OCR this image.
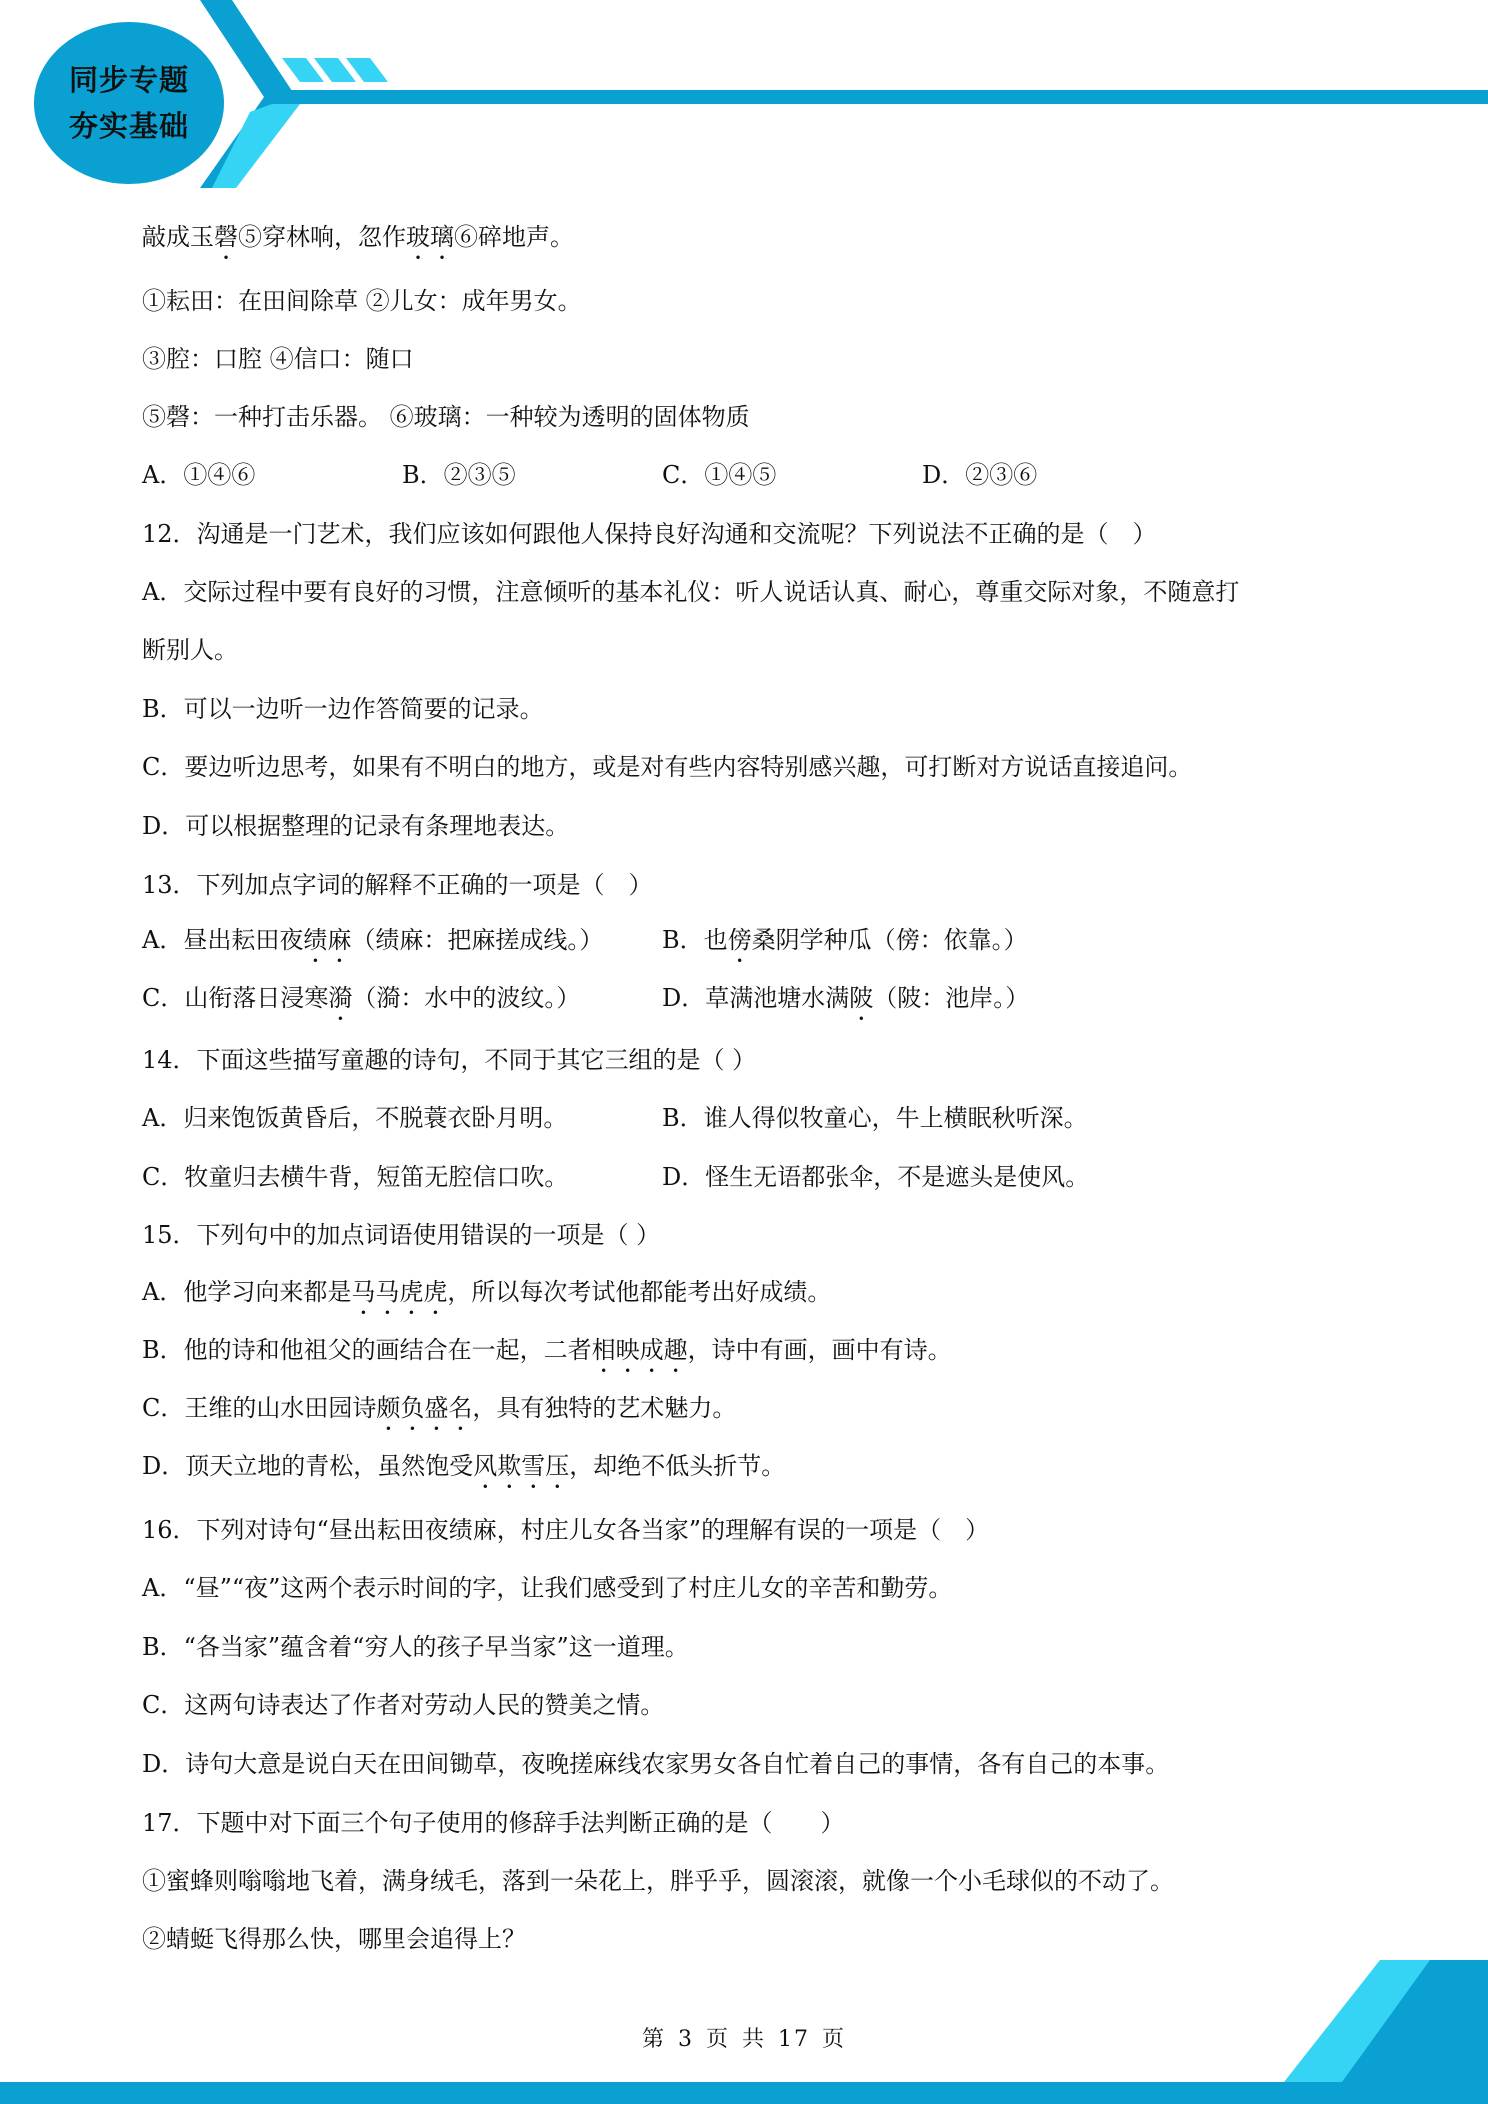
同步专题
夯实基础
敲成玉磬⑤穿林响，忽作玻璃⑥碎地声。
①耘田：在田间除草 ②儿女：成年男女。
③腔：口腔 ④信口：随口
⑤磬：一种打击乐器。 ⑥玻璃：一种较为透明的固体物质
A．①④⑥	B．②③⑤	C．①④⑤	D．②③⑥
12．沟通是一门艺术，我们应该如何跟他人保持良好沟通和交流呢？下列说法不正确的是（　）
A．交际过程中要有良好的习惯，注意倾听的基本礼仪：听人说话认真、耐心，尊重交际对象，不随意打
断别人。
B．可以一边听一边作答简要的记录。
C．要边听边思考，如果有不明白的地方，或是对有些内容特别感兴趣，可打断对方说话直接追问。
D．可以根据整理的记录有条理地表达。
13．下列加点字词的解释不正确的一项是（　）
A．昼出耘田夜绩麻（绩麻：把麻搓成线。） B．也傍桑阴学种瓜（傍：依靠。）
C．山衔落日浸寒漪（漪：水中的波纹。）	D．草满池塘水满陂（陂：池岸。）
14．下面这些描写童趣的诗句，不同于其它三组的是（ ）
A．归来饱饭黄昏后，不脱蓑衣卧月明。	B．谁人得似牧童心，牛上横眠秋听深。
C．牧童归去横牛背，短笛无腔信口吹。	D．怪生无语都张伞，不是遮头是使风。
15．下列句中的加点词语使用错误的一项是（ ）
A．他学习向来都是马马虎虎，所以每次考试他都能考出好成绩。
B．他的诗和他祖父的画结合在一起，二者相映成趣，诗中有画，画中有诗。
C．王维的山水田园诗颇负盛名，具有独特的艺术魅力。
D．顶天立地的青松，虽然饱受风欺雪压，却绝不低头折节。
16．下列对诗句“昼出耘田夜绩麻，村庄儿女各当家”的理解有误的一项是（　）
A．“昼”“夜”这两个表示时间的字，让我们感受到了村庄儿女的辛苦和勤劳。
B．“各当家”蕴含着“穷人的孩子早当家”这一道理。
C．这两句诗表达了作者对劳动人民的赞美之情。
D．诗句大意是说白天在田间锄草，夜晚搓麻线农家男女各自忙着自己的事情，各有自己的本事。
17．下题中对下面三个句子使用的修辞手法判断正确的是（　　）
①蜜蜂则嗡嗡地飞着，满身绒毛，落到一朵花上，胖乎乎，圆滚滚，就像一个小毛球似的不动了。
②蜻蜓飞得那么快，哪里会追得上？
第 3 页 共 17 页
